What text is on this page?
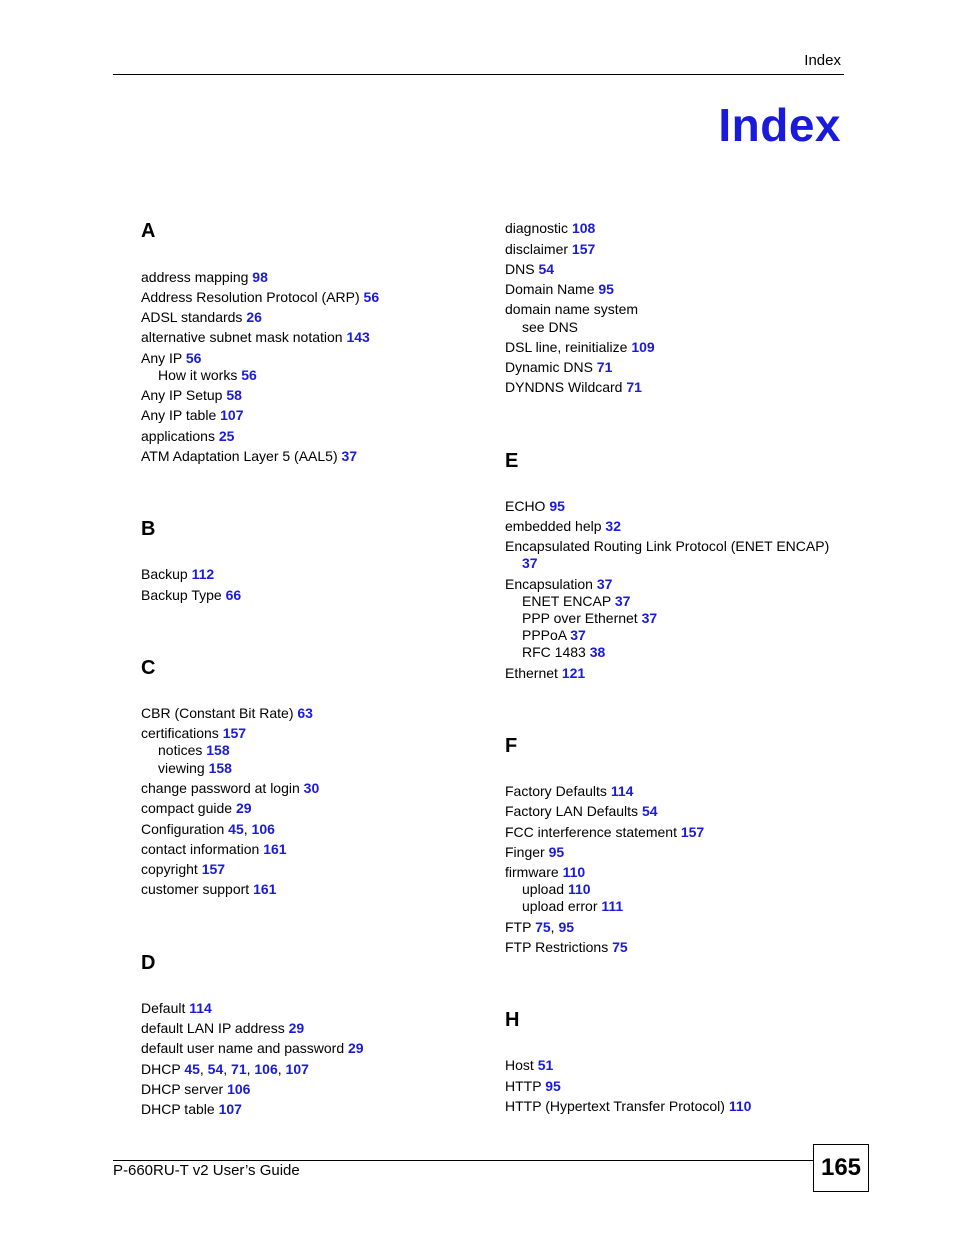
Index
Index
A
address mapping 98
Address Resolution Protocol (ARP) 56
ADSL standards 26
alternative subnet mask notation 143
Any IP 56
How it works 56
Any IP Setup 58
Any IP table 107
applications 25
ATM Adaptation Layer 5 (AAL5) 37
B
Backup 112
Backup Type 66
C
CBR (Constant Bit Rate) 63
certifications 157
notices 158
viewing 158
change password at login 30
compact guide 29
Configuration 45, 106
contact information 161
copyright 157
customer support 161
D
Default 114
default LAN IP address 29
default user name and password 29
DHCP 45, 54, 71, 106, 107
DHCP server 106
DHCP table 107
diagnostic 108
disclaimer 157
DNS 54
Domain Name 95
domain name system
see DNS
DSL line, reinitialize 109
Dynamic DNS 71
DYNDNS Wildcard 71
E
ECHO 95
embedded help 32
Encapsulated Routing Link Protocol (ENET ENCAP)
37
Encapsulation 37
ENET ENCAP 37
PPP over Ethernet 37
PPPoA 37
RFC 1483 38
Ethernet 121
F
Factory Defaults 114
Factory LAN Defaults 54
FCC interference statement 157
Finger 95
firmware 110
upload 110
upload error 111
FTP 75, 95
FTP Restrictions 75
H
Host 51
HTTP 95
HTTP (Hypertext Transfer Protocol) 110
P-660RU-T v2 User’s Guide	165
